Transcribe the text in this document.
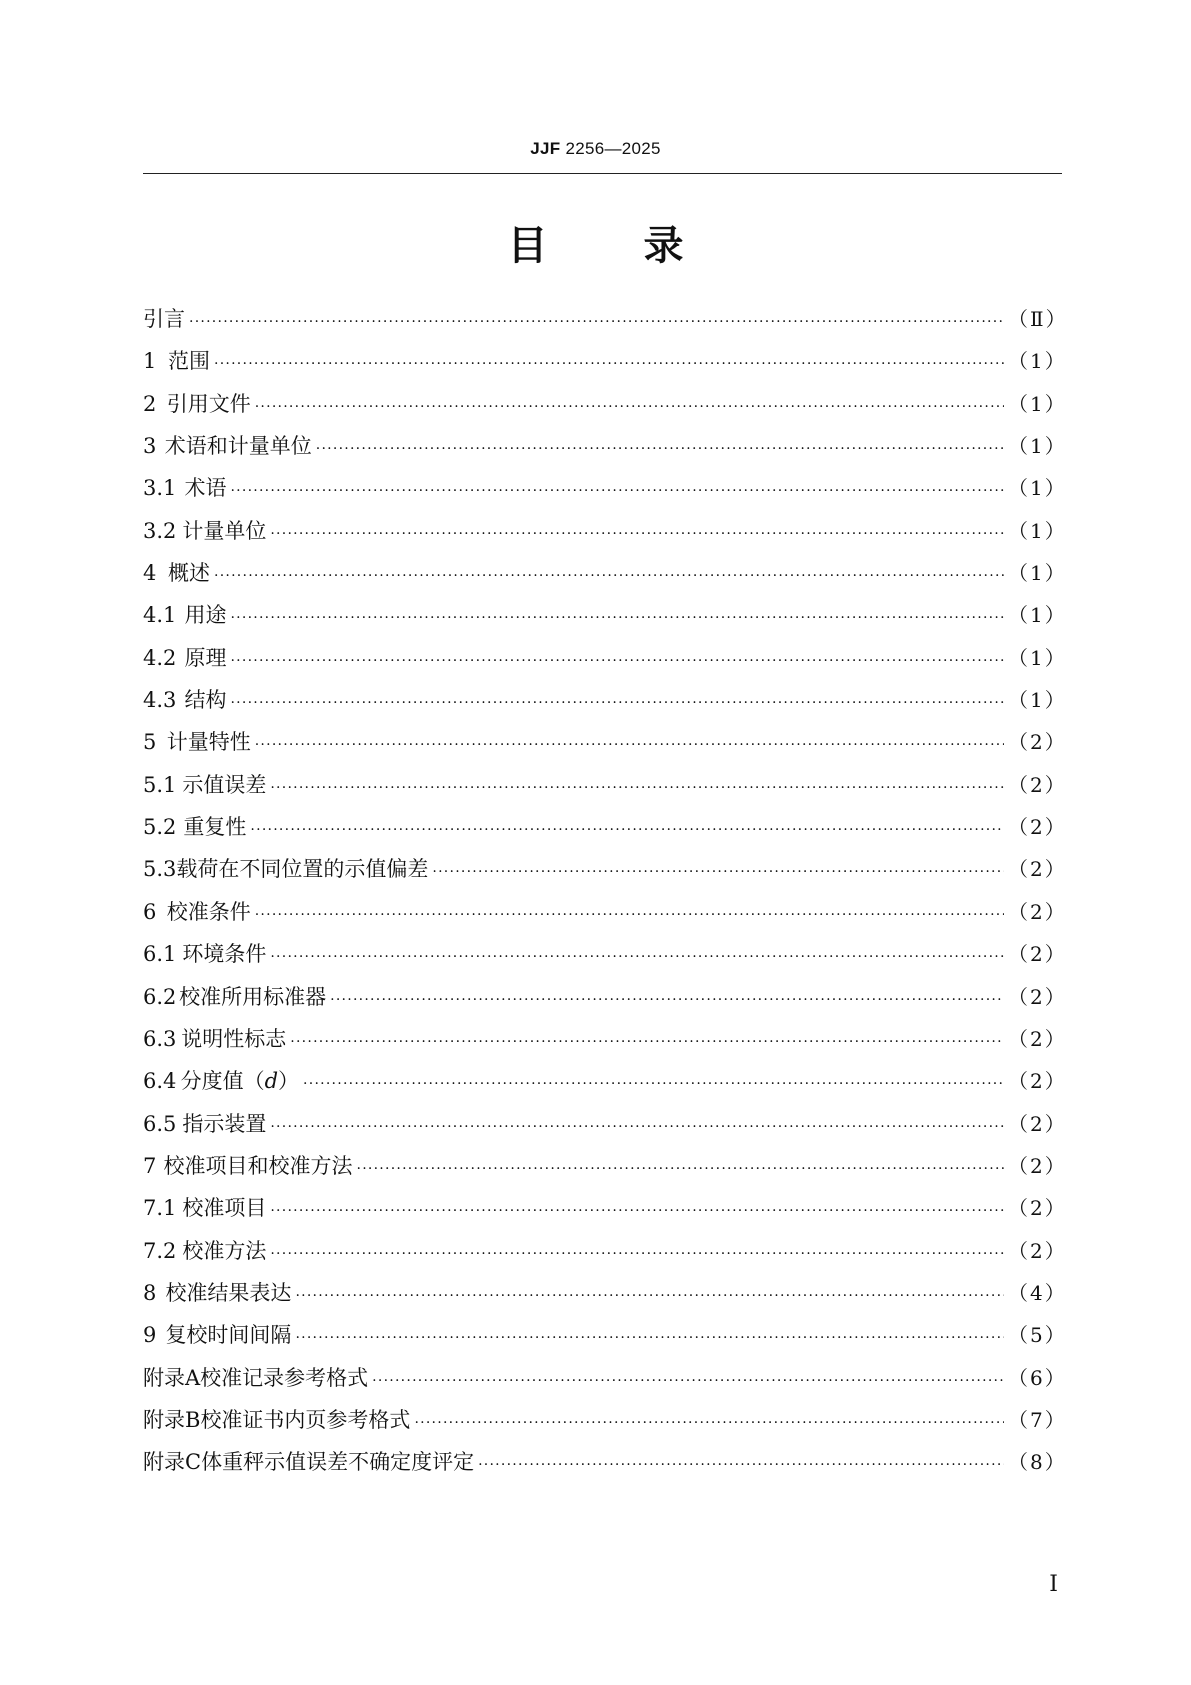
JJF 2256—2025
目 录
引言 . . .	（Ⅱ）
1 范围 . . .	（1）
2 引用文件 . . .	（1）
3 术语和计量单位 . . .	（1）
3.1 术语 . . .	（1）
3.2 计量单位 . . .	（1）
4 概述 . . .	（1）
4.1 用途 . . .	（1）
4.2 原理 . . .	（1）
4.3 结构 . . .	（1）
5 计量特性 . . .	（2）
5.1 示值误差 . . .	（2）
5.2 重复性 . . .	（2）
5.3 载荷在不同位置的示值偏差 . . .	（2）
6 校准条件 . . .	（2）
6.1 环境条件 . . .	（2）
6.2 校准所用标准器 . . .	（2）
6.3 说明性标志 . . .	（2）
6.4 分度值（d） . . .	（2）
6.5 指示装置 . . .	（2）
7 校准项目和校准方法 . . .	（2）
7.1 校准项目 . . .	（2）
7.2 校准方法 . . .	（2）
8 校准结果表达 . . .	（4）
9 复校时间间隔 . . .	（5）
附录A 校准记录参考格式 . . .	（6）
附录B 校准证书内页参考格式 . . .	（7）
附录C 体重秤示值误差不确定度评定 . . .	（8）
Ⅰ
